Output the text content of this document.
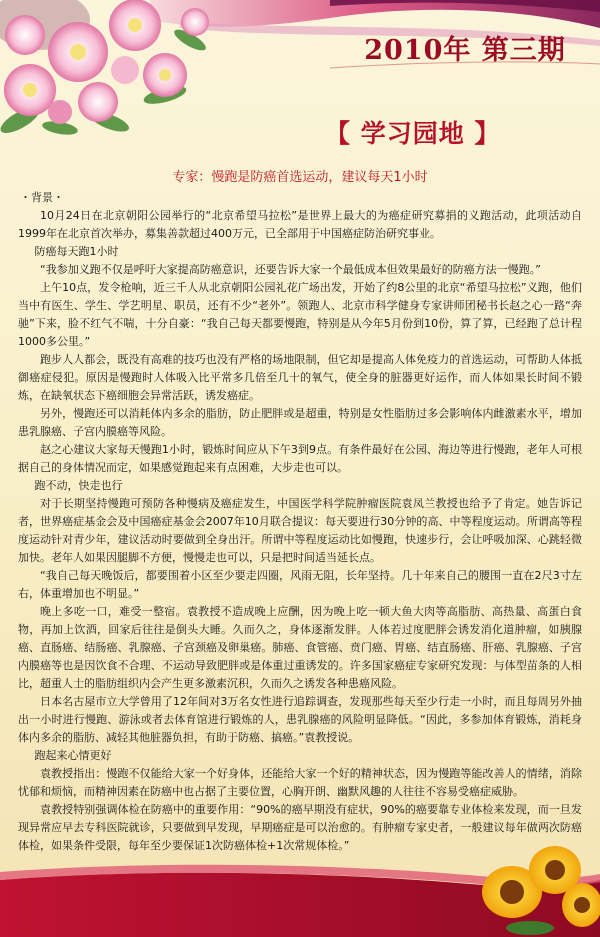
2010年 第三期
【 学习园地 】
专家：慢跑是防癌首选运动，建议每天1小时

・背景・

10月24日在北京朝阳公园举行的“北京希望马拉松”是世界上最大的为癌症研究募捐的义跑活动，此项活动自1999年在北京首次举办，募集善款超过400万元，已全部用于中国癌症防治研究事业。

防癌每天跑1小时

“我参加义跑不仅是呼吁大家提高防癌意识，还要告诉大家一个最低成本但效果最好的防癌方法一慢跑。”

上午10点，发令枪响，近三千人从北京朝阳公园礼花广场出发，开始了约8公里的北京“希望马拉松”义跑，他们当中有医生、学生、学艺明星、职员，还有不少“老外”。领跑人、北京市科学健身专家讲师团秘书长赵之心一路“奔驰”下来，脸不红气不喘，十分自豪：“我自己每天都要慢跑，特别是从今年5月份到10份，算了算，已经跑了总计程1000多公里。”

跑步人人都会，既没有高难的技巧也没有严格的场地限制，但它却是提高人体免疫力的首选运动，可帮助人体抵御癌症侵犯。原因是慢跑时人体吸入比平常多几倍至几十的氧气，使全身的脏器更好运作，而人体如果长时间不锻炼，在缺氧状态下癌细胞会异常活跃，诱发癌症。

另外，慢跑还可以消耗体内多余的脂肪，防止肥胖或是超重，特别是女性脂肪过多会影响体内雌激素水平，增加患乳腺癌、子宫内膜癌等风险。

赵之心建议大家每天慢跑1小时，锻炼时间应从下午3到9点。有条件最好在公园、海边等进行慢跑，老年人可根据自己的身体情况而定，如果感觉跑起来有点困难，大步走也可以。

跑不动，快走也行

对于长期坚持慢跑可预防各种慢病及癌症发生，中国医学科学院肿瘤医院袁凤兰教授也给予了肯定。她告诉记者，世界癌症基金会及中国癌症基金会2007年10月联合提议：每天要进行30分钟的高、中等程度运动。所谓高等程度运动针对青少年，建议活动时要做到全身出汗。所谓中等程度运动比如慢跑，快速步行，会让呼吸加深、心跳轻微加快。老年人如果因腿脚不方便，慢慢走也可以，只是把时间适当延长点。

“我自己每天晚饭后，都要围着小区至少要走四圈，风雨无阻，长年坚持。几十年来自己的腰围一直在2尺3寸左右，体重增加也不明显。”

晚上多吃一口，难受一整宿。袁教授不造成晚上应酬，因为晚上吃一顿大鱼大肉等高脂肪、高热量、高蛋白食物，再加上饮酒，回家后往往是倒头大睡。久而久之，身体逐渐发胖。人体若过度肥胖会诱发消化道肿瘤，如胰腺癌、直肠癌、结肠癌、乳腺癌、子宫颈癌及卵巢癌。肺癌、食管癌、贲门癌、胃癌、结直肠癌、肝癌、乳腺癌、子宫内膜癌等也是因饮食不合理、不运动导致肥胖或是体重过重诱发的。许多国家癌症专家研究发现：与体型苗条的人相比，超重人士的脂肪组织内会产生更多激素沉积，久而久之诱发各种患癌风险。

日本名古屋市立大学曾用了12年间对3万名女性进行追踪调查，发现那些每天至少行走一小时，而且每周另外抽出一小时进行慢跑、游泳或者去体育馆进行锻炼的人，患乳腺癌的风险明显降低。“因此，多参加体育锻炼，消耗身体内多余的脂肪、减轻其他脏器负担，有助于防癌、搞癌。”袁教授说。

跑起来心情更好

袁教授指出：慢跑不仅能给大家一个好身体，还能给大家一个好的精神状态，因为慢跑等能改善人的情绪，消除忧郁和烦恼，而精神因素在防癌中也占据了主要位置，心胸开朗、幽默风趣的人往往不容易受癌症威胁。

袁教授特别强调体检在防癌中的重要作用：“90%的癌早期没有症状，90%的癌要靠专业体检来发现，而一旦发现异常应早去专科医院就诊，只要做到早发现，早期癌症是可以治愈的。有肿瘤专家史者，一般建议每年做两次防癌体检，如果条件受限，每年至少要保证1次防癌体检+1次常规体检。”
